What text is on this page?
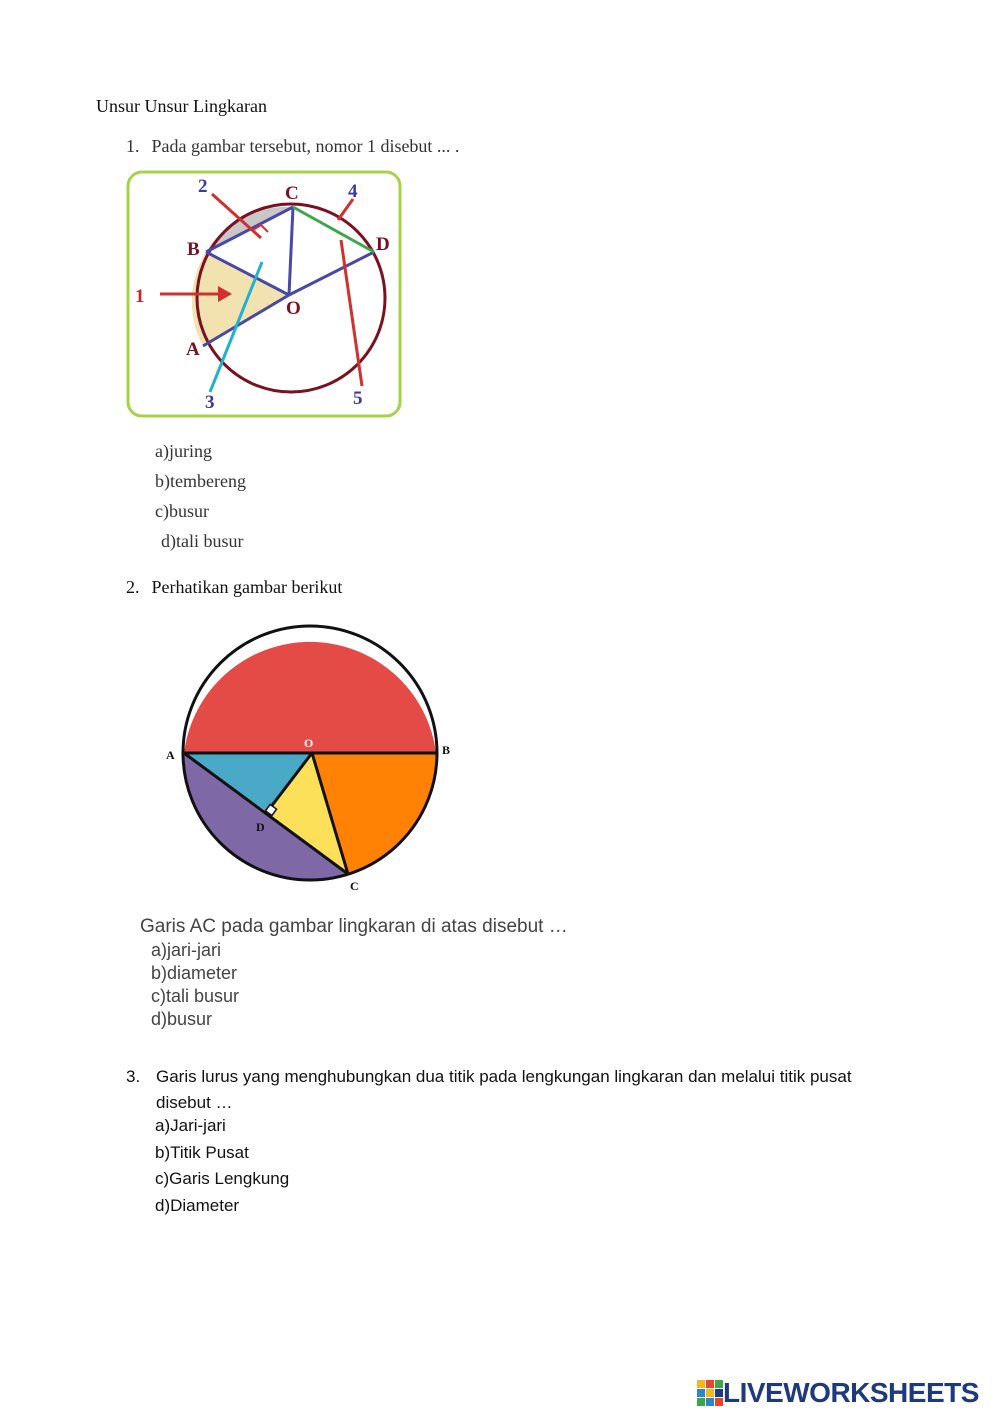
Unsur Unsur Lingkaran
1. Pada gambar tersebut, nomor 1 disebut ... .
1
2
3
4
5
A
B
C
D
O
a)juring
b)tembereng
c)busur
d)tali busur
2. Perhatikan gambar berikut
A	B
O
D
C
Garis AC pada gambar lingkaran di atas disebut …
a)jari-jari
b)diameter
c)tali busur
d)busur
3. Garis lurus yang menghubungkan dua titik pada lengkungan lingkaran dan melalui titik pusat disebut …
a)Jari-jari
b)Titik Pusat
c)Garis Lengkung
d)Diameter
LIVEWORKSHEETS
